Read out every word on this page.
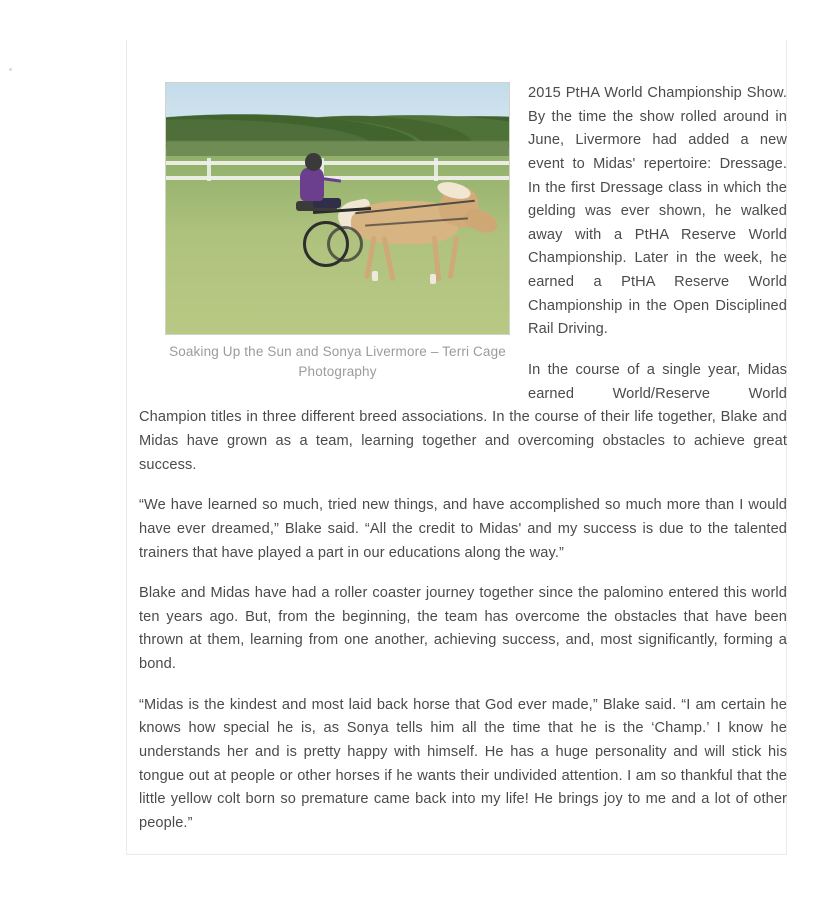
Soaking Up the Sun and Sonya Livermore – Terri Cage Photography

2015 PtHA World Championship Show. By the time the show rolled around in June, Livermore had added a new event to Midas' repertoire: Dressage. In the first Dressage class in which the gelding was ever shown, he walked away with a PtHA Reserve World Championship. Later in the week, he earned a PtHA Reserve World Championship in the Open Disciplined Rail Driving.

In the course of a single year, Midas earned World/Reserve World Champion titles in three different breed associations. In the course of their life together, Blake and Midas have grown as a team, learning together and overcoming obstacles to achieve great success.

“We have learned so much, tried new things, and have accomplished so much more than I would have ever dreamed,” Blake said. “All the credit to Midas' and my success is due to the talented trainers that have played a part in our educations along the way.”

Blake and Midas have had a roller coaster journey together since the palomino entered this world ten years ago. But, from the beginning, the team has overcome the obstacles that have been thrown at them, learning from one another, achieving success, and, most significantly, forming a bond.

“Midas is the kindest and most laid back horse that God ever made,” Blake said. “I am certain he knows how special he is, as Sonya tells him all the time that he is the ‘Champ.’ I know he understands her and is pretty happy with himself. He has a huge personality and will stick his tongue out at people or other horses if he wants their undivided attention. I am so thankful that the little yellow colt born so premature came back into my life! He brings joy to me and a lot of other people.”
